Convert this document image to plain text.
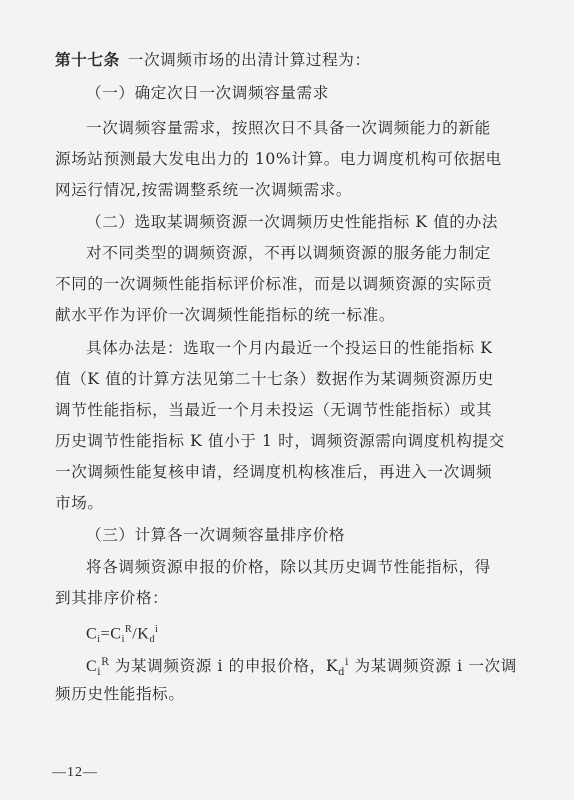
第十七条 一次调频市场的出清计算过程为：
（一）确定次日一次调频容量需求
一次调频容量需求，按照次日不具备一次调频能力的新能
源场站预测最大发电出力的 10%计算。电力调度机构可依据电
网运行情况,按需调整系统一次调频需求。
（二）选取某调频资源一次调频历史性能指标 K 值的办法
对不同类型的调频资源，不再以调频资源的服务能力制定
不同的一次调频性能指标评价标准，而是以调频资源的实际贡
献水平作为评价一次调频性能指标的统一标准。
具体办法是：选取一个月内最近一个投运日的性能指标 K
值（K 值的计算方法见第二十七条）数据作为某调频资源历史
调节性能指标，当最近一个月未投运（无调节性能指标）或其
历史调节性能指标 K 值小于 1 时，调频资源需向调度机构提交
一次调频性能复核申请，经调度机构核准后，再进入一次调频
市场。
（三）计算各一次调频容量排序价格
将各调频资源申报的价格，除以其历史调节性能指标，得
到其排序价格：
$C_i=C_i^R/K_d^i$
$C_i^R$ 为某调频资源 i 的申报价格，$K_d^i$ 为某调频资源 i 一次调
频历史性能指标。
—12—
